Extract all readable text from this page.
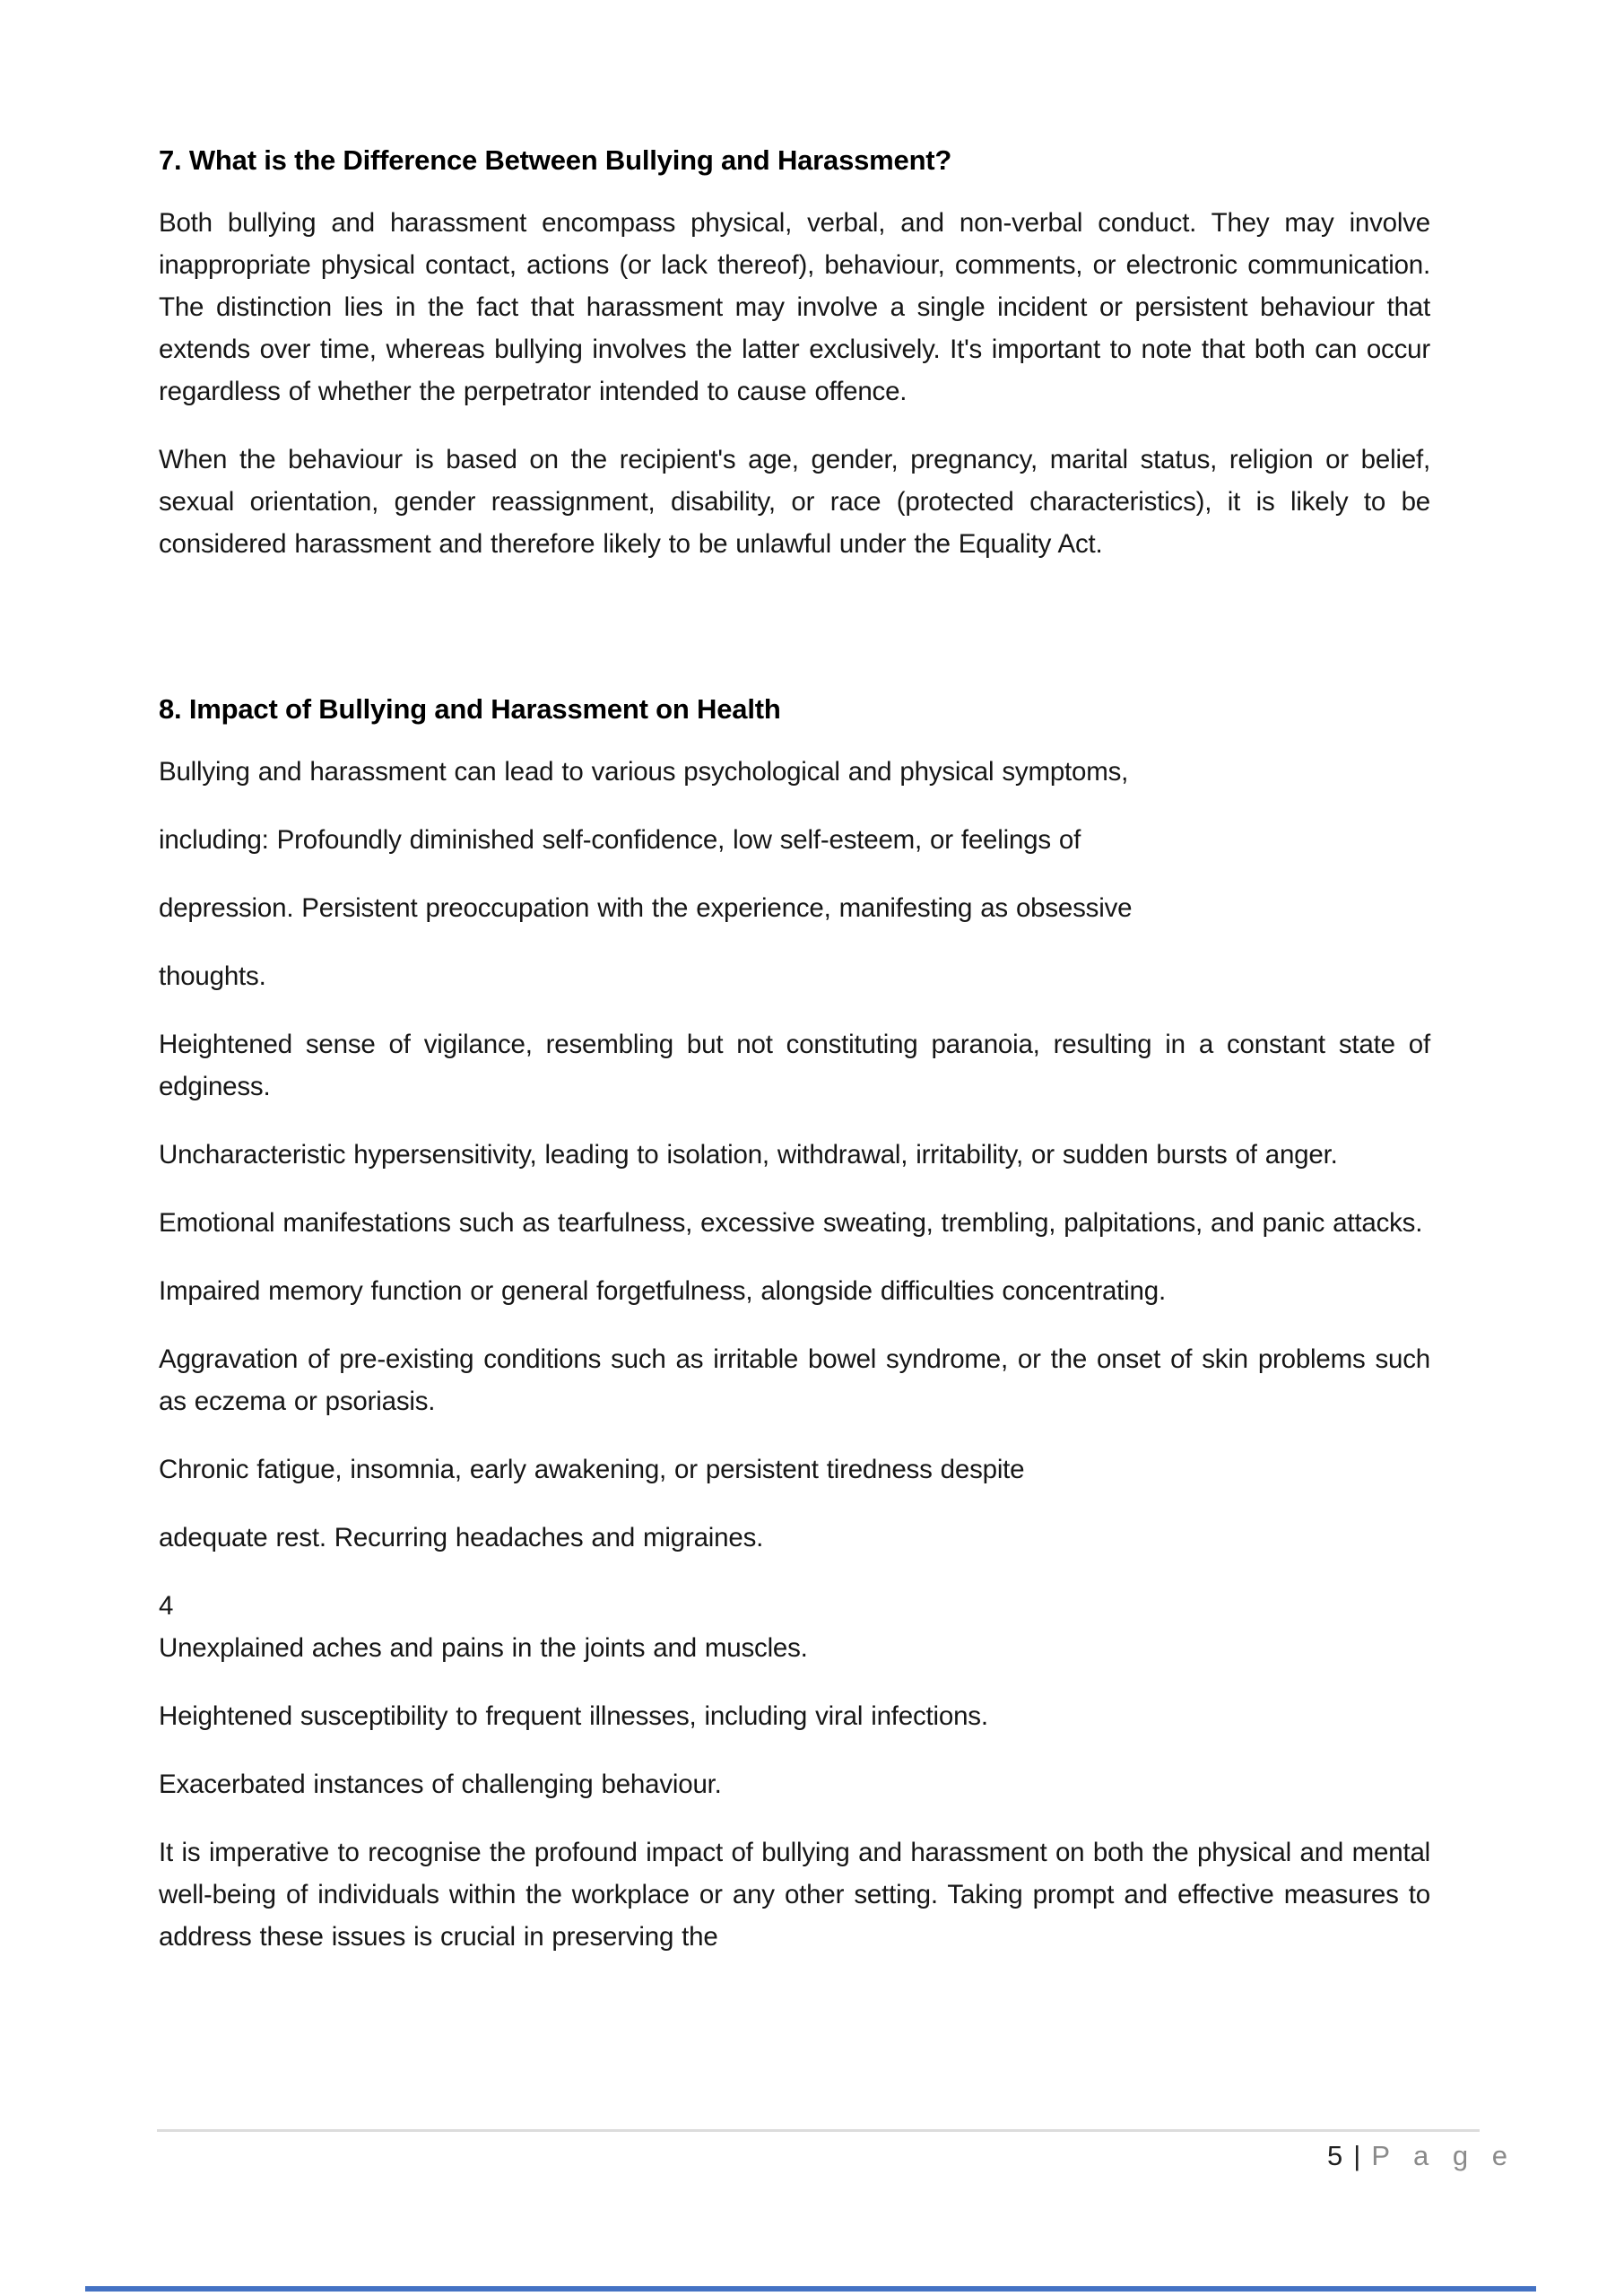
7. What is the Difference Between Bullying and Harassment?

Both bullying and harassment encompass physical, verbal, and non-verbal conduct. They may involve inappropriate physical contact, actions (or lack thereof), behaviour, comments, or electronic communication. The distinction lies in the fact that harassment may involve a single incident or persistent behaviour that extends over time, whereas bullying involves the latter exclusively. It's important to note that both can occur regardless of whether the perpetrator intended to cause offence.

When the behaviour is based on the recipient's age, gender, pregnancy, marital status, religion or belief, sexual orientation, gender reassignment, disability, or race (protected characteristics), it is likely to be considered harassment and therefore likely to be unlawful under the Equality Act.

8. Impact of Bullying and Harassment on Health

Bullying and harassment can lead to various psychological and physical symptoms,

including: Profoundly diminished self-confidence, low self-esteem, or feelings of

depression. Persistent preoccupation with the experience, manifesting as obsessive

thoughts.

Heightened sense of vigilance, resembling but not constituting paranoia, resulting in a constant state of edginess.

Uncharacteristic hypersensitivity, leading to isolation, withdrawal, irritability, or sudden bursts of anger.

Emotional manifestations such as tearfulness, excessive sweating, trembling, palpitations, and panic attacks.

Impaired memory function or general forgetfulness, alongside difficulties concentrating.

Aggravation of pre-existing conditions such as irritable bowel syndrome, or the onset of skin problems such as eczema or psoriasis.

Chronic fatigue, insomnia, early awakening, or persistent tiredness despite

adequate rest. Recurring headaches and migraines.

4

Unexplained aches and pains in the joints and muscles.

Heightened susceptibility to frequent illnesses, including viral infections.

Exacerbated instances of challenging behaviour.

It is imperative to recognise the profound impact of bullying and harassment on both the physical and mental well-being of individuals within the workplace or any other setting. Taking prompt and effective measures to address these issues is crucial in preserving the

5 | P a g e
